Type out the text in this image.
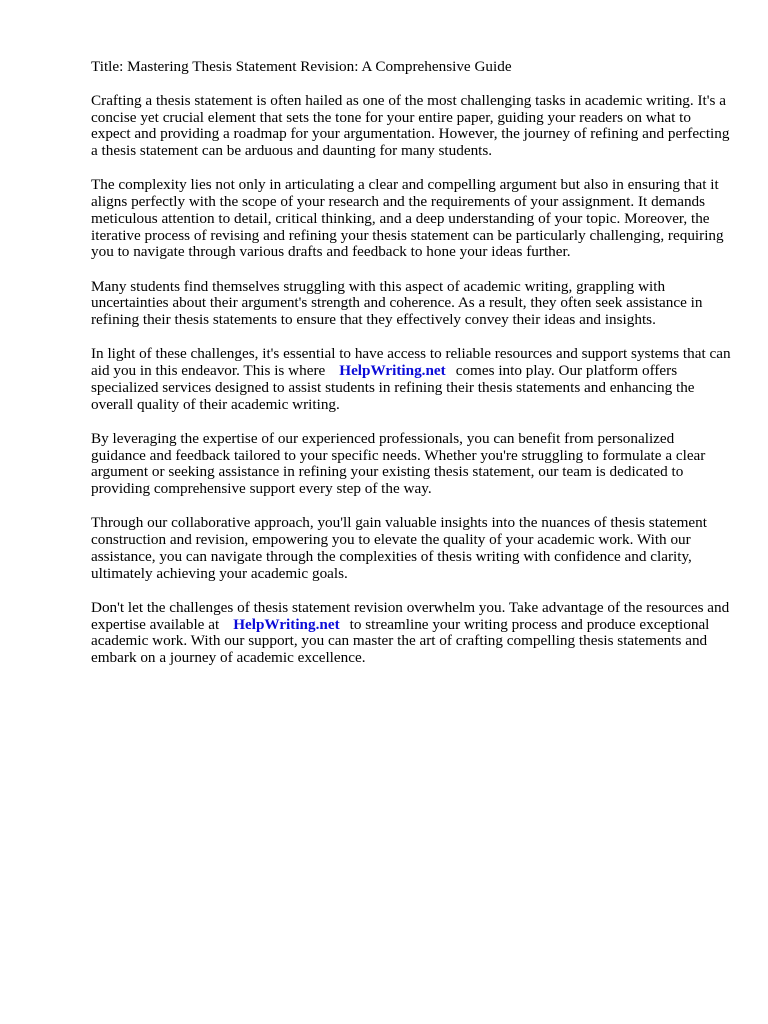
Title: Mastering Thesis Statement Revision: A Comprehensive Guide

Crafting a thesis statement is often hailed as one of the most challenging tasks in academic writing. It's a concise yet crucial element that sets the tone for your entire paper, guiding your readers on what to expect and providing a roadmap for your argumentation. However, the journey of refining and perfecting a thesis statement can be arduous and daunting for many students.

The complexity lies not only in articulating a clear and compelling argument but also in ensuring that it aligns perfectly with the scope of your research and the requirements of your assignment. It demands meticulous attention to detail, critical thinking, and a deep understanding of your topic. Moreover, the iterative process of revising and refining your thesis statement can be particularly challenging, requiring you to navigate through various drafts and feedback to hone your ideas further.

Many students find themselves struggling with this aspect of academic writing, grappling with uncertainties about their argument's strength and coherence. As a result, they often seek assistance in refining their thesis statements to ensure that they effectively convey their ideas and insights.

In light of these challenges, it's essential to have access to reliable resources and support systems that can aid you in this endeavor. This is where HelpWriting.net comes into play. Our platform offers specialized services designed to assist students in refining their thesis statements and enhancing the overall quality of their academic writing.

By leveraging the expertise of our experienced professionals, you can benefit from personalized guidance and feedback tailored to your specific needs. Whether you're struggling to formulate a clear argument or seeking assistance in refining your existing thesis statement, our team is dedicated to providing comprehensive support every step of the way.

Through our collaborative approach, you'll gain valuable insights into the nuances of thesis statement construction and revision, empowering you to elevate the quality of your academic work. With our assistance, you can navigate through the complexities of thesis writing with confidence and clarity, ultimately achieving your academic goals.

Don't let the challenges of thesis statement revision overwhelm you. Take advantage of the resources and expertise available at HelpWriting.net to streamline your writing process and produce exceptional academic work. With our support, you can master the art of crafting compelling thesis statements and embark on a journey of academic excellence.
